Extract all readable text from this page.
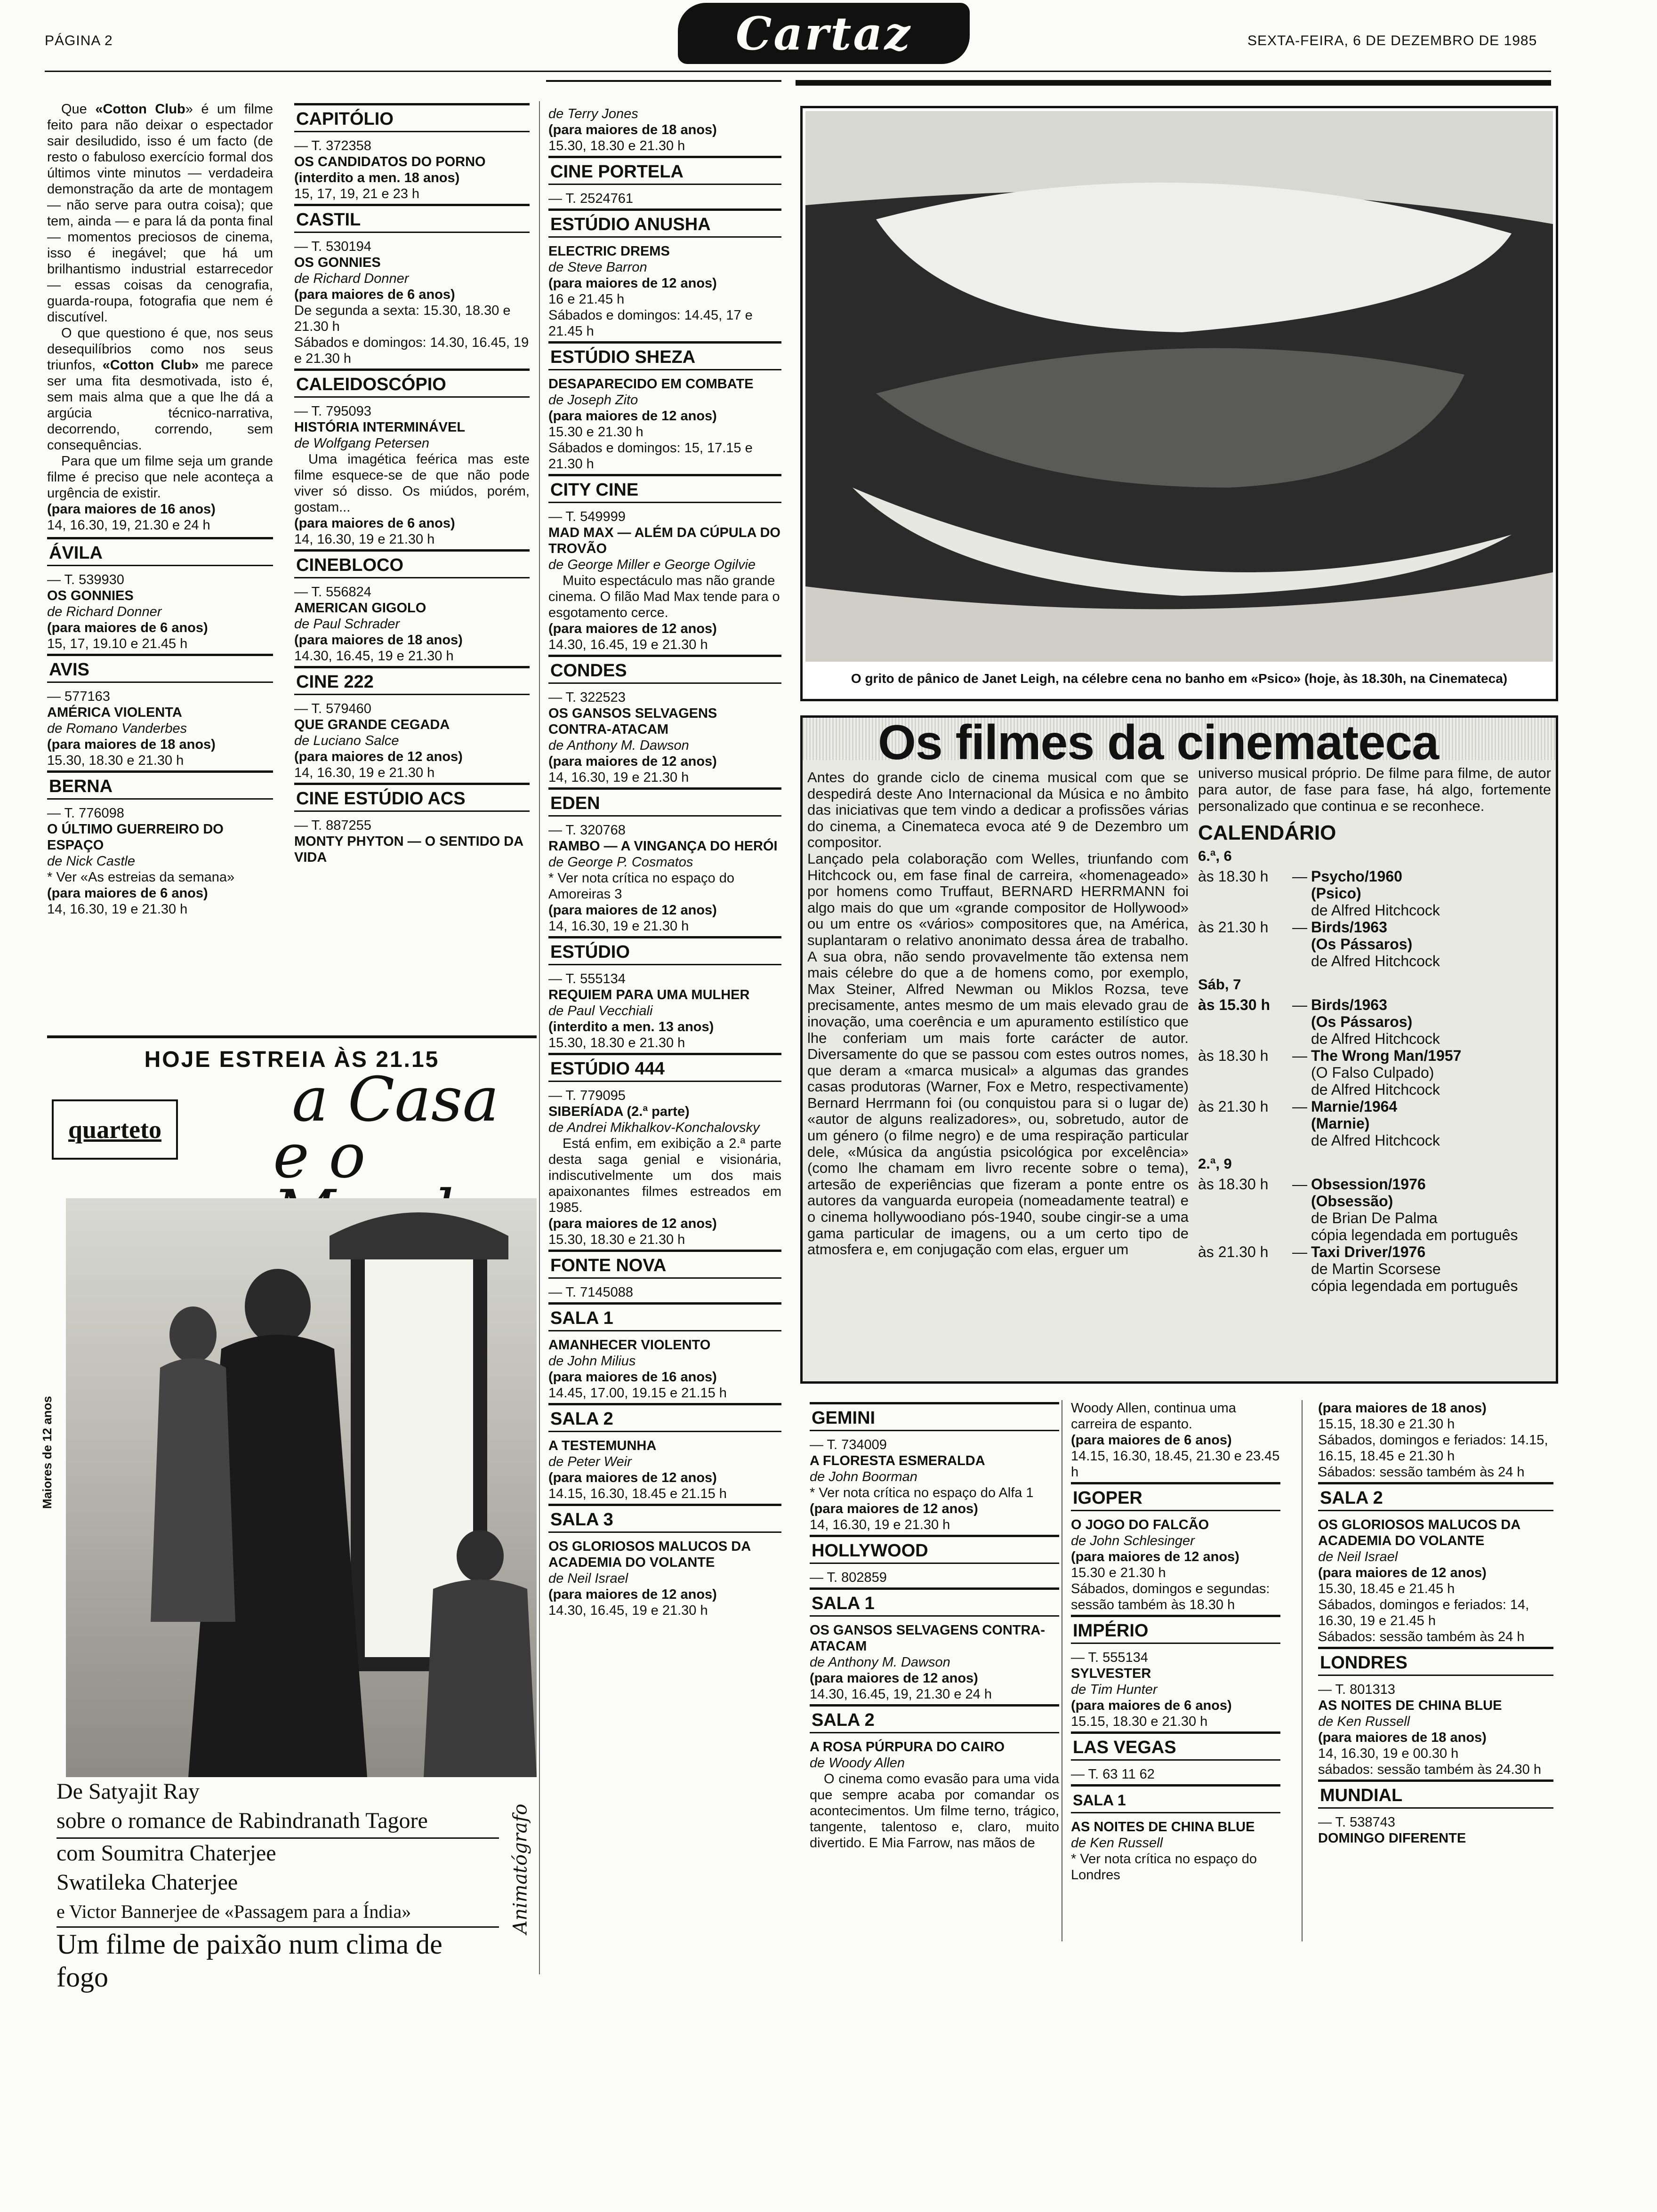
PÁGINA 2	Cartaz	SEXTA-FEIRA, 6 DE DEZEMBRO DE 1985

Que «Cotton Club» é um filme feito para não deixar o espectador sair desiludido, isso é um facto (de resto o fabuloso exercício formal dos últimos vinte minutos — verdadeira demonstração da arte de montagem — não serve para outra coisa); que tem, ainda — e para lá da ponta final — momentos preciosos de cinema, isso é inegável; que há um brilhantismo industrial estarrecedor — essas coisas da cenografia, guarda-roupa, fotografia que nem é discutível.

O que questiono é que, nos seus desequilíbrios como nos seus triunfos, «Cotton Club» me parece ser uma fita desmotivada, isto é, sem mais alma que a que lhe dá a argúcia técnico-narrativa, decorrendo, correndo, sem consequências.

Para que um filme seja um grande filme é preciso que nele aconteça a urgência de existir.

(para maiores de 16 anos)
14, 16.30, 19, 21.30 e 24 h
ÁVILA
— T. 539930
OS GONNIES
de Richard Donner
(para maiores de 6 anos)
15, 17, 19.10 e 21.45 h
AVIS
— 577163
AMÉRICA VIOLENTA
de Romano Vanderbes
(para maiores de 18 anos)
15.30, 18.30 e 21.30 h
BERNA
— T. 776098
O ÚLTIMO GUERREIRO DO ESPAÇO
de Nick Castle
* Ver «As estreias da semana»
(para maiores de 6 anos)
14, 16.30, 19 e 21.30 h
CAPITÓLIO
— T. 372358
OS CANDIDATOS DO PORNO
(interdito a men. 18 anos)
15, 17, 19, 21 e 23 h
CASTIL
— T. 530194
OS GONNIES
de Richard Donner
(para maiores de 6 anos)
De segunda a sexta: 15.30, 18.30 e 21.30 h
Sábados e domingos: 14.30, 16.45, 19 e 21.30 h
CALEIDOSCÓPIO
— T. 795093
HISTÓRIA INTERMINÁVEL
de Wolfgang Petersen
Uma imagética feérica mas este filme esquece-se de que não pode viver só disso. Os miúdos, porém, gostam...
(para maiores de 6 anos)
14, 16.30, 19 e 21.30 h
CINEBLOCO
— T. 556824
AMERICAN GIGOLO
de Paul Schrader
(para maiores de 18 anos)
14.30, 16.45, 19 e 21.30 h
CINE 222
— T. 579460
QUE GRANDE CEGADA
de Luciano Salce
(para maiores de 12 anos)
14, 16.30, 19 e 21.30 h
CINE ESTÚDIO ACS
— T. 887255
MONTY PHYTON — O SENTIDO DA VIDA
HOJE ESTREIA ÀS 21.15
quarteto a Casa
e o
Maiores de 12 anos
Animatógrafo
De Satyajit Ray
sobre o romance de Rabindranath Tagore
com Soumitra Chaterjee
Swatileka Chaterjee
e Victor Bannerjee de «Passagem para a Índia»
Um filme de paixão num clima de fogo
de Terry Jones
(para maiores de 18 anos)
15.30, 18.30 e 21.30 h
CINE PORTELA
— T. 2524761
ESTÚDIO ANUSHA
ELECTRIC DREMS
de Steve Barron
(para maiores de 12 anos)
16 e 21.45 h
Sábados e domingos: 14.45, 17 e 21.45 h
ESTÚDIO SHEZA
DESAPARECIDO EM COMBATE
de Joseph Zito
(para maiores de 12 anos)
15.30 e 21.30 h
Sábados e domingos: 15, 17.15 e 21.30 h
CITY CINE
— T. 549999
MAD MAX — ALÉM DA CÚPULA DO TROVÃO
de George Miller e George Ogilvie
Muito espectáculo mas não grande cinema. O filão Mad Max tende para o esgotamento cerce.
(para maiores de 12 anos)
14.30, 16.45, 19 e 21.30 h
CONDES
— T. 322523
OS GANSOS SELVAGENS CONTRA-ATACAM
de Anthony M. Dawson
(para maiores de 12 anos)
14, 16.30, 19 e 21.30 h
EDEN
— T. 320768
RAMBO — A VINGANÇA DO HERÓI
de George P. Cosmatos
* Ver nota crítica no espaço do Amoreiras 3
(para maiores de 12 anos)
14, 16.30, 19 e 21.30 h
ESTÚDIO
— T. 555134
REQUIEM PARA UMA MULHER
de Paul Vecchiali
(interdito a men. 13 anos)
15.30, 18.30 e 21.30 h
ESTÚDIO 444
— T. 779095
SIBERÍADA (2.ª parte)
de Andrei Mikhalkov-Konchalovsky
Está enfim, em exibição a 2.ª parte desta saga genial e visionária, indiscutivelmente um dos mais apaixonantes filmes estreados em 1985.
(para maiores de 12 anos)
15.30, 18.30 e 21.30 h
FONTE NOVA
— T. 7145088
SALA 1
AMANHECER VIOLENTO
de John Milius
(para maiores de 16 anos)
14.45, 17.00, 19.15 e 21.15 h
SALA 2
A TESTEMUNHA
de Peter Weir
(para maiores de 12 anos)
14.15, 16.30, 18.45 e 21.15 h
SALA 3
OS GLORIOSOS MALUCOS DA ACADEMIA DO VOLANTE
de Neil Israel
(para maiores de 12 anos)
14.30, 16.45, 19 e 21.30 h
O grito de pânico de Janet Leigh, na célebre cena no banho em «Psico» (hoje, às 18.30h, na Cinemateca)
Os filmes da cinemateca
Antes do grande ciclo de cinema musical com que se despedirá deste Ano Internacional da Música e no âmbito das iniciativas que tem vindo a dedicar a profissões várias do cinema, a Cinemateca evoca até 9 de Dezembro um compositor.
Lançado pela colaboração com Welles, triunfando com Hitchcock ou, em fase final de carreira, «homenageado» por homens como Truffaut, BERNARD HERRMANN foi algo mais do que um «grande compositor de Hollywood» ou um entre os «vários» compositores que, na América, suplantaram o relativo anonimato dessa área de trabalho. A sua obra, não sendo provavelmente tão extensa nem mais célebre do que a de homens como, por exemplo, Max Steiner, Alfred Newman ou Miklos Rozsa, teve precisamente, antes mesmo de um mais elevado grau de inovação, uma coerência e um apuramento estilístico que lhe conferiam um mais forte carácter de autor. Diversamente do que se passou com estes outros nomes, que deram a «marca musical» a algumas das grandes casas produtoras (Warner, Fox e Metro, respectivamente) Bernard Herrmann foi (ou conquistou para si o lugar de) «autor de alguns realizadores», ou, sobretudo, autor de um género (o filme negro) e de uma respiração particular dele, «Música da angústia psicológica por excelência» (como lhe chamam em livro recente sobre o tema), artesão de experiências que fizeram a ponte entre os autores da vanguarda europeia (nomeadamente teatral) e o cinema hollywoodiano pós-1940, soube cingir-se a uma gama particular de imagens, ou a um certo tipo de atmosfera e, em conjugação com elas, erguer um
universo musical próprio. De filme para filme, de autor para autor, de fase para fase, há algo, fortemente personalizado que continua e se reconhece.
CALENDÁRIO
6.ª, 6
às 18.30 h	— Psycho/1960
(Psico)
de Alfred Hitchcock
às 21.30 h	— Birds/1963
(Os Pássaros)
de Alfred Hitchcock
Sáb, 7
às 15.30 h	— Birds/1963
(Os Pássaros)
de Alfred Hitchcock
às 18.30 h	— The Wrong Man/1957
(O Falso Culpado)
de Alfred Hitchcock
às 21.30 h	— Marnie/1964
(Marnie)
de Alfred Hitchcock
2.ª, 9
às 18.30 h	— Obsession/1976
(Obsessão)
de Brian De Palma
cópia legendada em português
às 21.30 h	— Taxi Driver/1976
de Martin Scorsese
cópia legendada em português
GEMINI
— T. 734009
A FLORESTA ESMERALDA
de John Boorman
* Ver nota crítica no espaço do Alfa 1
(para maiores de 12 anos)
14, 16.30, 19 e 21.30 h
HOLLYWOOD
— T. 802859
SALA 1
OS GANSOS SELVAGENS CONTRA-ATACAM
de Anthony M. Dawson
(para maiores de 12 anos)
14.30, 16.45, 19, 21.30 e 24 h
SALA 2
A ROSA PÚRPURA DO CAIRO
de Woody Allen
O cinema como evasão para uma vida que sempre acaba por comandar os acontecimentos. Um filme terno, trágico, tangente, talentoso e, claro, muito divertido. E Mia Farrow, nas mãos de
Woody Allen, continua uma carreira de espanto.
(para maiores de 6 anos)
14.15, 16.30, 18.45, 21.30 e 23.45 h
IGOPER
O JOGO DO FALCÃO
de John Schlesinger
(para maiores de 12 anos)
15.30 e 21.30 h
Sábados, domingos e segundas: sessão também às 18.30 h
IMPÉRIO
— T. 555134
SYLVESTER
de Tim Hunter
(para maiores de 6 anos)
15.15, 18.30 e 21.30 h
LAS VEGAS
— T. 63 11 62
SALA 1
AS NOITES DE CHINA BLUE
de Ken Russell
* Ver nota crítica no espaço do Londres
(para maiores de 18 anos)
15.15, 18.30 e 21.30 h
Sábados, domingos e feriados: 14.15, 16.15, 18.45 e 21.30 h
Sábados: sessão também às 24 h
SALA 2
OS GLORIOSOS MALUCOS DA ACADEMIA DO VOLANTE
de Neil Israel
(para maiores de 12 anos)
15.30, 18.45 e 21.45 h
Sábados, domingos e feriados: 14, 16.30, 19 e 21.45 h
Sábados: sessão também às 24 h
LONDRES
— T. 801313
AS NOITES DE CHINA BLUE
de Ken Russell
(para maiores de 18 anos)
14, 16.30, 19 e 00.30 h
sábados: sessão também às 24.30 h
MUNDIAL
— T. 538743
DOMINGO DIFERENTE
